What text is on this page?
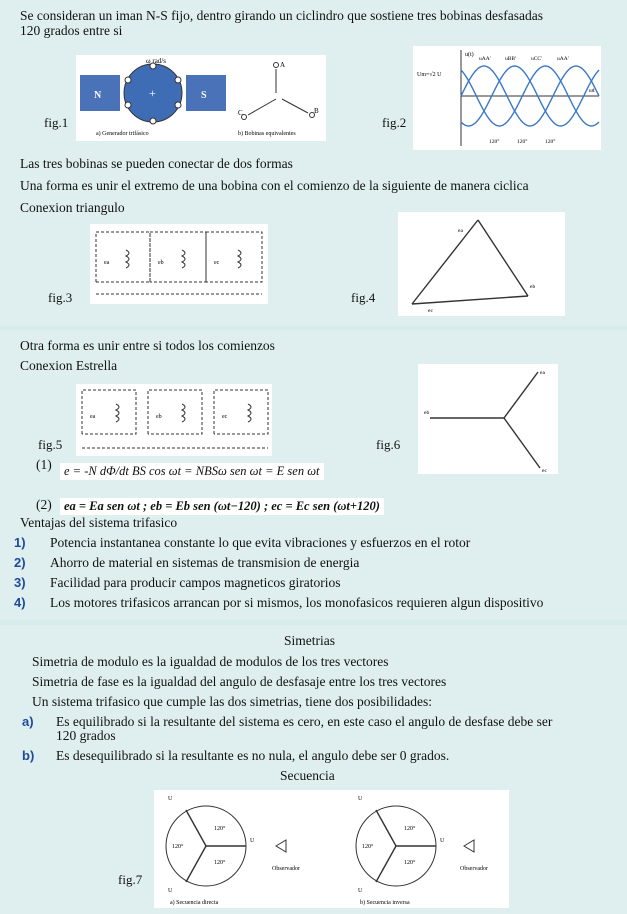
Se consideran un iman N-S fijo, dentro girando un ciclindro que sostiene tres bobinas desfasadas
120 grados entre si
N	S
+
ω rad/s
a) Generador trifásico
A
C	B
b) Bobinas equivalentes
fig.1
u(t)
Um=√2 U
ωt
uAA'	uBB'	uCC'	uAA'
120°	120°	120°
fig.2
Las tres bobinas se pueden conectar de dos formas
Una forma es unir el extremo de una bobina con el comienzo de la siguiente de manera ciclica
Conexion triangulo
ea	eb	ec
fig.3
ea
eb
ec
fig.4
Otra forma es unir entre si todos los comienzos
Conexion Estrella
ea	eb	ec
fig.5
ea
eb
ec
fig.6
(1) e = -N dΦ/dt BS cos ωt = NBSω sen ωt = E sen ωt
(2) ea = Ea sen ωt ; eb = Eb sen (ωt−120) ; ec = Ec sen (ωt+120)
Ventajas del sistema trifasico
1) Potencia instantanea constante lo que evita vibraciones y esfuerzos en el rotor
2) Ahorro de material en sistemas de transmision de energia
3) Facilidad para producir campos magneticos giratorios
4) Los motores trifasicos arrancan por si mismos, los monofasicos requieren algun dispositivo
Simetrias
Simetria de modulo es la igualdad de modulos de los tres vectores
Simetria de fase es la igualdad del angulo de desfasaje entre los tres vectores
Un sistema trifasico que cumple las dos simetrias, tiene dos posibilidades:
a) Es equilibrado si la resultante del sistema es cero, en este caso el angulo de desfase debe ser
120 grados
b) Es desequilibrado si la resultante es no nula, el angulo debe ser 0 grados.
Secuencia
U
U
U
120°
120°
120°
Observador
a) Secuencia directa
U
U
U
120°
120°
120°
Observador
b) Secuencia inversa
fig.7
